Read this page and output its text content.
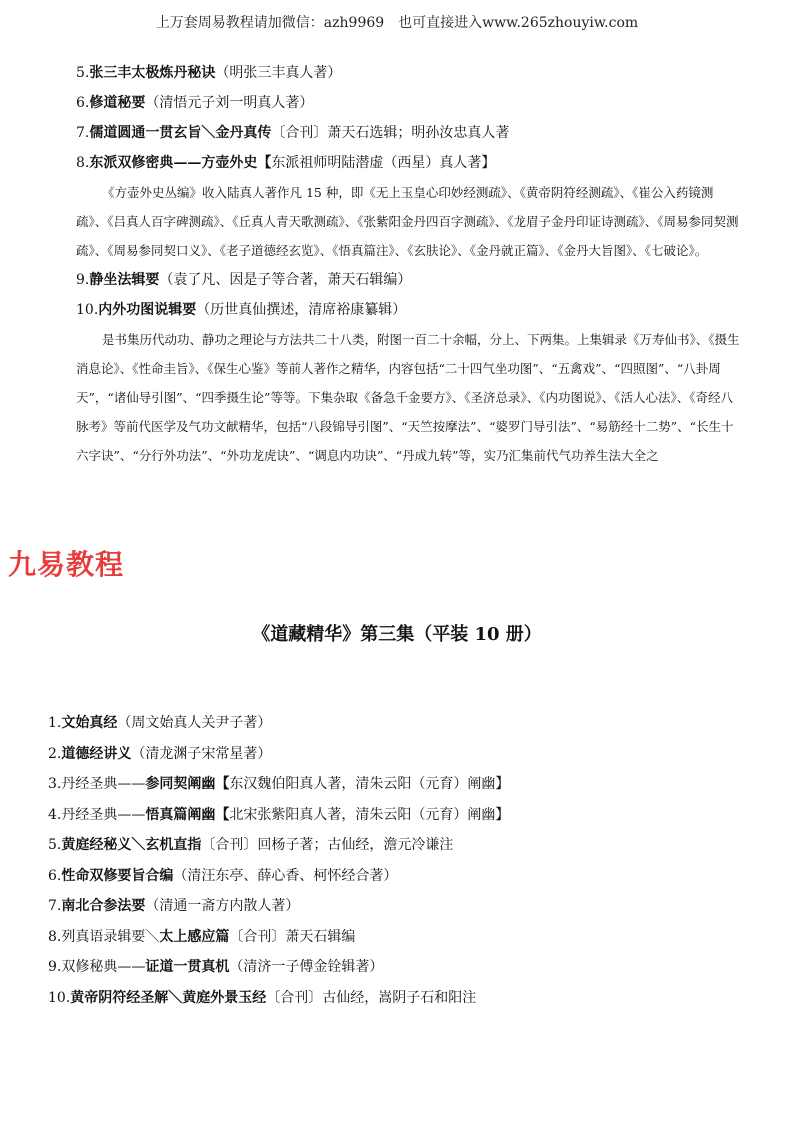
上万套周易教程请加微信：azh9969　也可直接进入www.265zhouyiw.com
5.张三丰太极炼丹秘诀（明张三丰真人著）
6.修道秘要（清悟元子刘一明真人著）
7.儒道圆通一贯玄旨＼金丹真传〔合刊〕萧天石选辑；明孙汝忠真人著
8.东派双修密典——方壶外史【东派祖师明陆潜虚（西星）真人著】

《方壶外史丛编》收入陆真人著作凡 15 种，即《无上玉皇心印妙经测疏》、《黄帝阴符经测疏》、《崔公入药镜测疏》、《吕真人百字碑测疏》、《丘真人青天歌测疏》、《张紫阳金丹四百字测疏》、《龙眉子金丹印证诗测疏》、《周易参同契测疏》、《周易参同契口义》、《老子道德经玄览》、《悟真篇注》、《玄肤论》、《金丹就正篇》、《金丹大旨图》、《七破论》。

9.静坐法辑要（袁了凡、因是子等合著，萧天石辑编）
10.内外功图说辑要（历世真仙撰述，清席裕康纂辑）

是书集历代动功、静功之理论与方法共二十八类，附图一百二十余幅，分上、下两集。上集辑录《万寿仙书》、《摄生消息论》、《性命圭旨》、《保生心鉴》等前人著作之精华，内容包括“二十四气坐功图”、“五禽戏”、“四照图”、“八卦周天”，“诸仙导引图”、“四季摄生论”等等。下集杂取《备急千金要方》、《圣济总录》、《内功图说》、《活人心法》、《奇经八脉考》等前代医学及气功文献精华，包括“八段锦导引图”、“天竺按摩法”、“婆罗门导引法”、“易筋经十二势”、“长生十六字诀”、“分行外功法”、“外功龙虎诀”、“调息内功诀”、“丹成九转”等，实乃汇集前代气功养生法大全之

九易教程
《道藏精华》第三集（平装 10 册）
1.文始真经（周文始真人关尹子著）
2.道德经讲义（清龙渊子宋常星著）
3.丹经圣典——参同契阐幽【东汉魏伯阳真人著，清朱云阳（元育）阐幽】
4.丹经圣典——悟真篇阐幽【北宋张紫阳真人著，清朱云阳（元育）阐幽】
5.黄庭经秘义＼玄机直指〔合刊〕回杨子著；古仙经，澹元冷谦注
6.性命双修要旨合编（清汪东亭、薛心香、柯怀经合著）
7.南北合参法要（清通一斋方内散人著）
8.列真语录辑要＼太上感应篇〔合刊〕萧天石辑编
9.双修秘典——证道一贯真机（清济一子傅金铨辑著）
10.黄帝阴符经圣解＼黄庭外景玉经〔合刊〕古仙经，嵩阴子石和阳注
